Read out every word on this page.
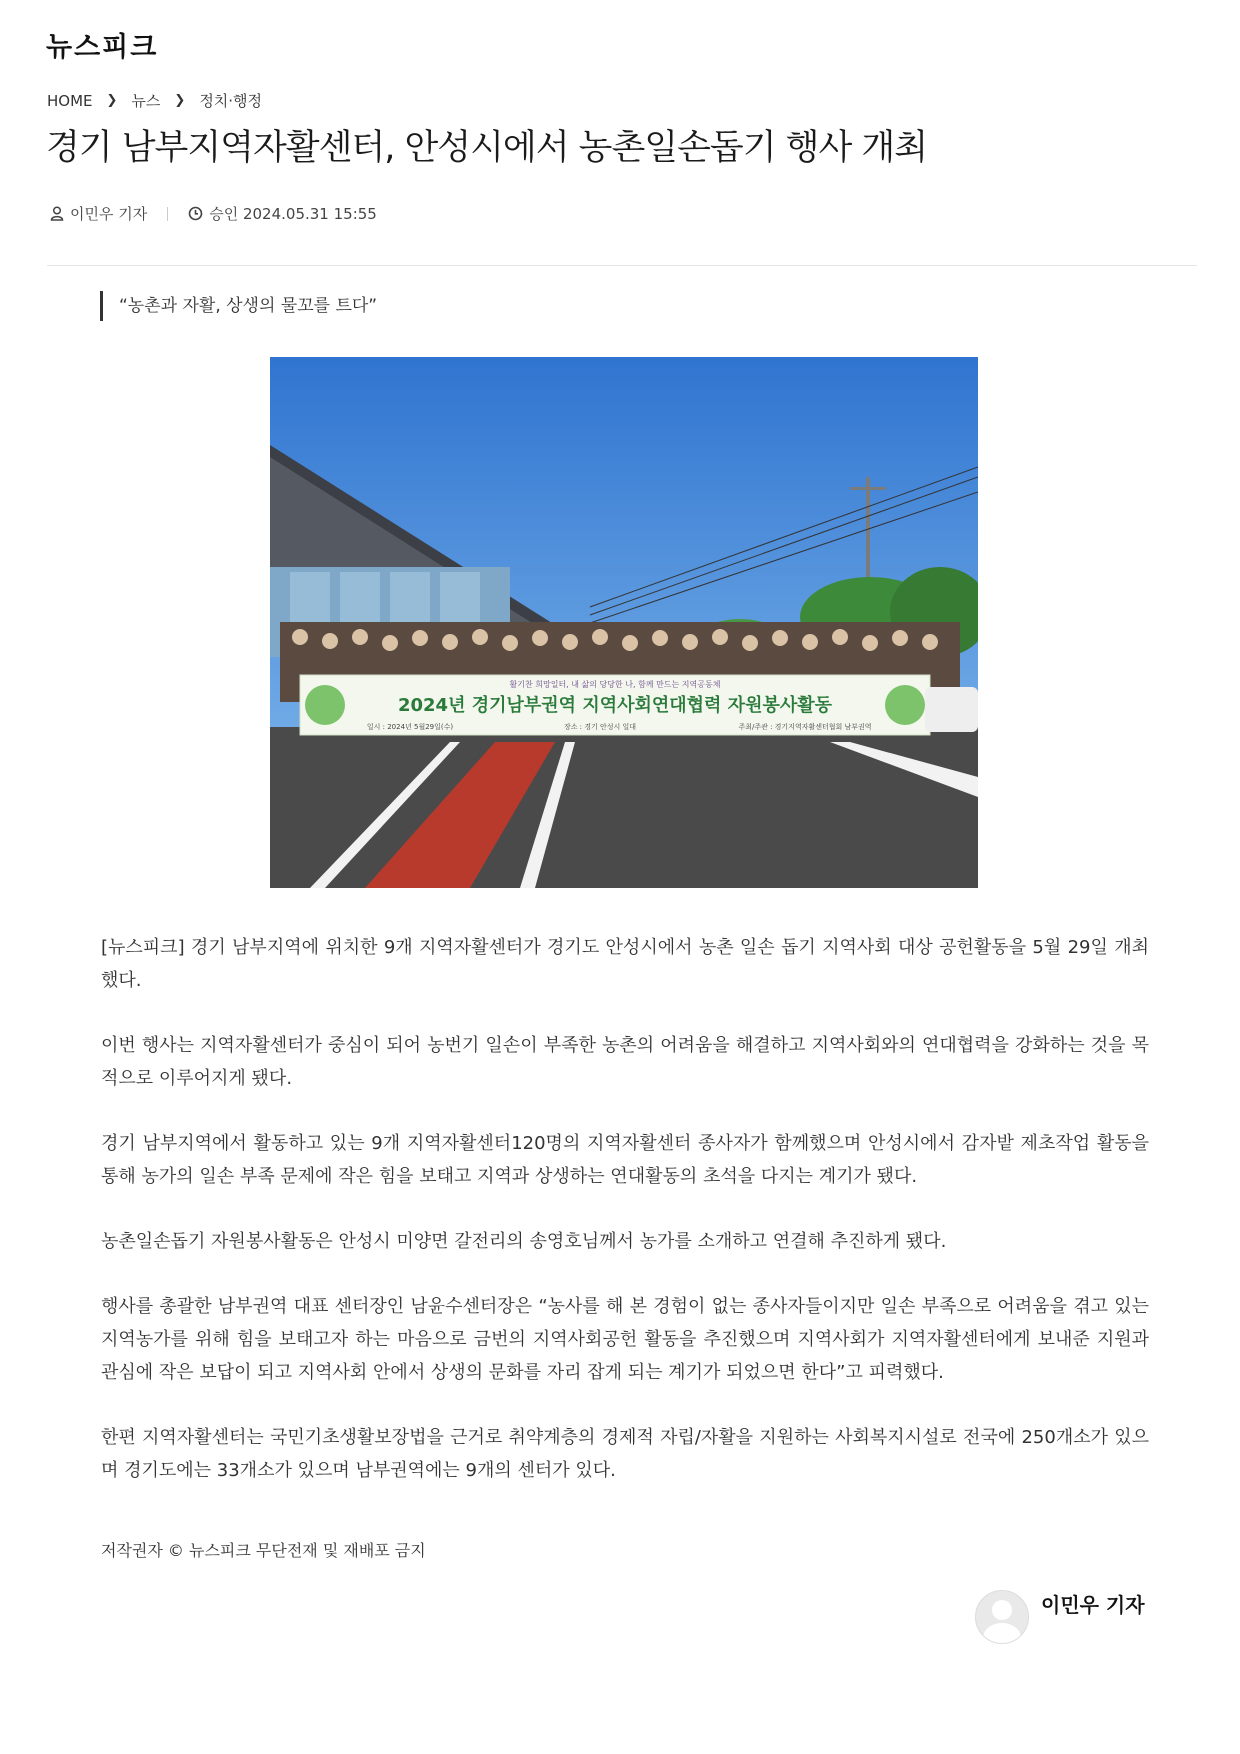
뉴스피크
HOME ❯ 뉴스 ❯ 정치·행정
경기 남부지역자활센터, 안성시에서 농촌일손돕기 행사 개최
이민우 기자	승인 2024.05.31 15:55
“농촌과 자활, 상생의 물꼬를 트다”
활기찬 희망일터, 내 삶의 당당한 나, 함께 만드는 지역공동체
2024년 경기남부권역 지역사회연대협력 자원봉사활동
일시 : 2024년 5월29일(수)	장소 : 경기 안성시 일대	주최/주관 : 경기지역자활센터협회 남부권역

[뉴스피크] 경기 남부지역에 위치한 9개 지역자활센터가 경기도 안성시에서 농촌 일손 돕기 지역사회 대상 공헌활동을 5월 29일 개최했다.

이번 행사는 지역자활센터가 중심이 되어 농번기 일손이 부족한 농촌의 어려움을 해결하고 지역사회와의 연대협력을 강화하는 것을 목적으로 이루어지게 됐다.

경기 남부지역에서 활동하고 있는 9개 지역자활센터120명의 지역자활센터 종사자가 함께했으며 안성시에서 감자밭 제초작업 활동을 통해 농가의 일손 부족 문제에 작은 힘을 보태고 지역과 상생하는 연대활동의 초석을 다지는 계기가 됐다.

농촌일손돕기 자원봉사활동은 안성시 미양면 갈전리의 송영호님께서 농가를 소개하고 연결해 추진하게 됐다.

행사를 총괄한 남부권역 대표 센터장인 남윤수센터장은 “농사를 해 본 경험이 없는 종사자들이지만 일손 부족으로 어려움을 겪고 있는 지역농가를 위해 힘을 보태고자 하는 마음으로 금번의 지역사회공헌 활동을 추진했으며 지역사회가 지역자활센터에게 보내준 지원과 관심에 작은 보답이 되고 지역사회 안에서 상생의 문화를 자리 잡게 되는 계기가 되었으면 한다”고 피력했다.

한편 지역자활센터는 국민기초생활보장법을 근거로 취약계층의 경제적 자립/자활을 지원하는 사회복지시설로 전국에 250개소가 있으며 경기도에는 33개소가 있으며 남부권역에는 9개의 센터가 있다.

저작권자 © 뉴스피크 무단전재 및 재배포 금지
이민우 기자
